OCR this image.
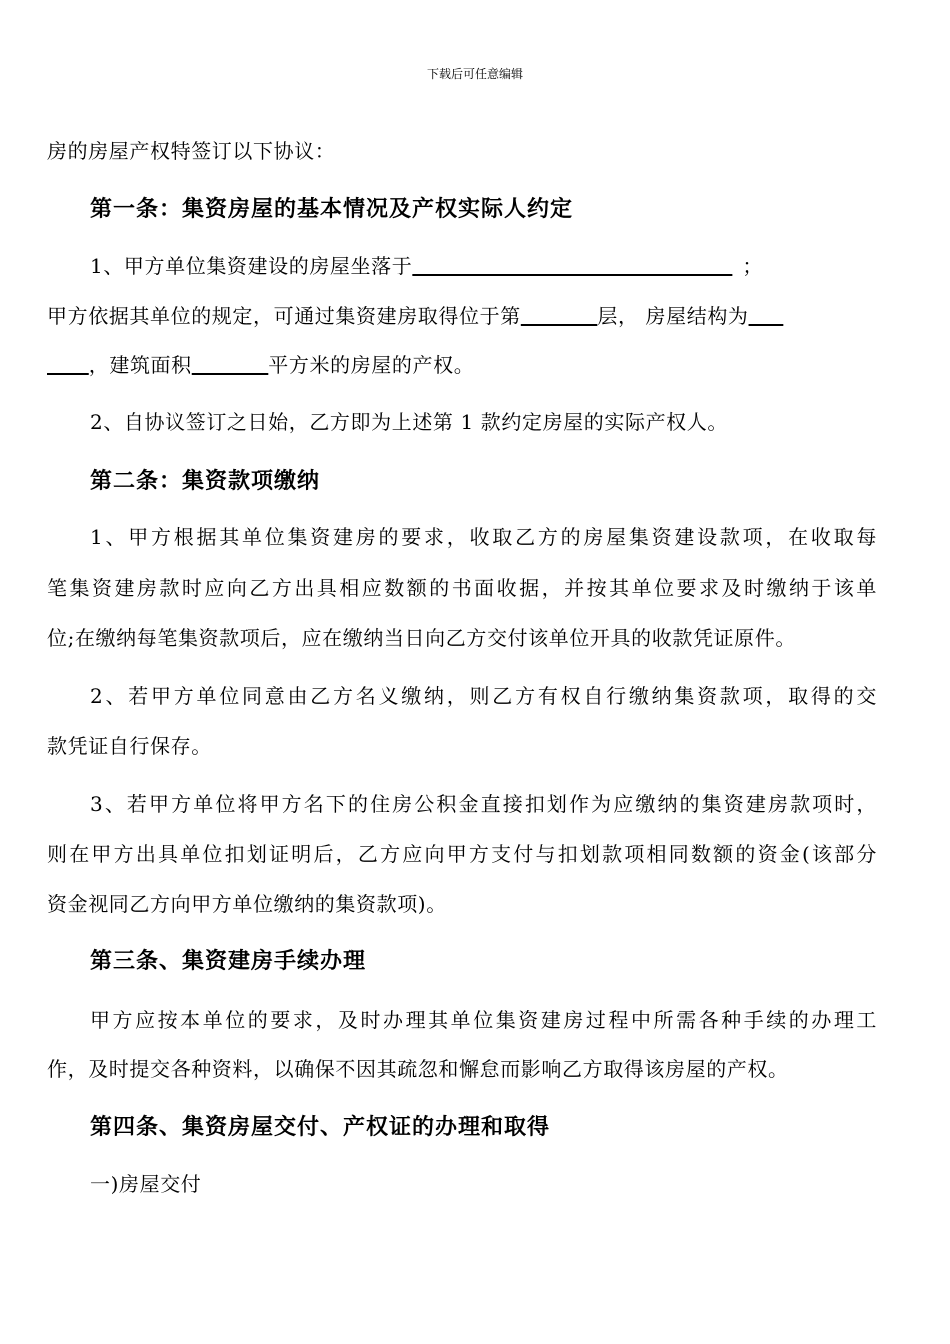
下载后可任意编辑
房的房屋产权特签订以下协议：
第一条：集资房屋的基本情况及产权实际人约定
1、甲方单位集资建设的房屋坐落于	；
甲方依据其单位的规定，可通过集资建房取得位于第	层， 房屋结构为
，建筑面积	平方米的房屋的产权。
2、自协议签订之日始，乙方即为上述第 1 款约定房屋的实际产权人。
第二条：集资款项缴纳
1、甲方根据其单位集资建房的要求，收取乙方的房屋集资建设款项，在收取每
笔集资建房款时应向乙方出具相应数额的书面收据，并按其单位要求及时缴纳于该单
位;在缴纳每笔集资款项后，应在缴纳当日向乙方交付该单位开具的收款凭证原件。
2、若甲方单位同意由乙方名义缴纳，则乙方有权自行缴纳集资款项，取得的交
款凭证自行保存。
3、若甲方单位将甲方名下的住房公积金直接扣划作为应缴纳的集资建房款项时，
则在甲方出具单位扣划证明后，乙方应向甲方支付与扣划款项相同数额的资金(该部分
资金视同乙方向甲方单位缴纳的集资款项)。
第三条、集资建房手续办理
甲方应按本单位的要求，及时办理其单位集资建房过程中所需各种手续的办理工
作，及时提交各种资料，以确保不因其疏忽和懈怠而影响乙方取得该房屋的产权。
第四条、集资房屋交付、产权证的办理和取得
一)房屋交付
